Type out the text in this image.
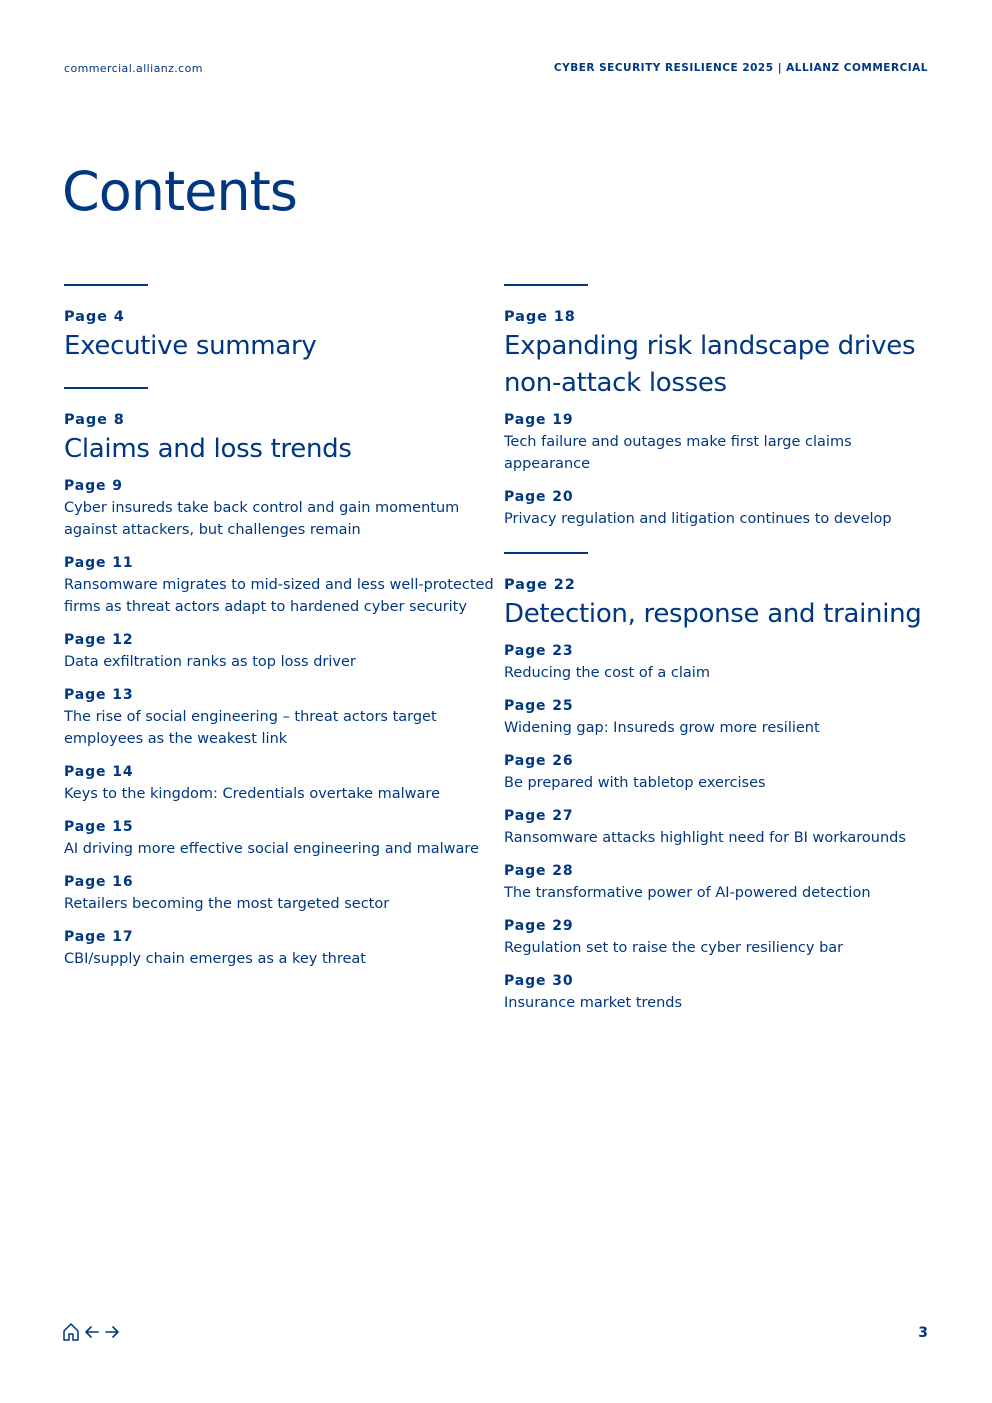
commercial.allianz.com	CYBER SECURITY RESILIENCE 2025 | ALLIANZ COMMERCIAL
Contents
Page 4
Executive summary
Page 8
Claims and loss trends
Page 9
Cyber insureds take back control and gain momentum against attackers, but challenges remain
Page 11
Ransomware migrates to mid-sized and less well-protected firms as threat actors adapt to hardened cyber security
Page 12
Data exfiltration ranks as top loss driver
Page 13
The rise of social engineering – threat actors target employees as the weakest link
Page 14
Keys to the kingdom: Credentials overtake malware
Page 15
AI driving more effective social engineering and malware
Page 16
Retailers becoming the most targeted sector
Page 17
CBI/supply chain emerges as a key threat
Page 18
Expanding risk landscape drives non-attack losses
Page 19
Tech failure and outages make first large claims appearance
Page 20
Privacy regulation and litigation continues to develop
Page 22
Detection, response and training
Page 23
Reducing the cost of a claim
Page 25
Widening gap: Insureds grow more resilient
Page 26
Be prepared with tabletop exercises
Page 27
Ransomware attacks highlight need for BI workarounds
Page 28
The transformative power of AI-powered detection
Page 29
Regulation set to raise the cyber resiliency bar
Page 30
Insurance market trends
3
